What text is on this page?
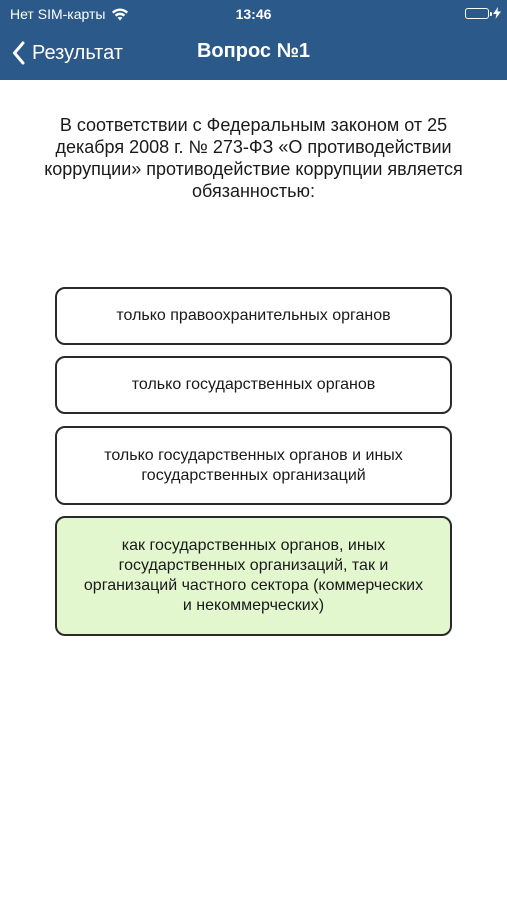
Нет SIM-карты	13:46
Результат	Вопрос №1
В соответствии с Федеральным законом от 25 декабря 2008 г. № 273-ФЗ «О противодействии коррупции» противодействие коррупции является обязанностью:
только правоохранительных органов
только государственных органов
только государственных органов и иных государственных организаций
как государственных органов, иных государственных организаций, так и организаций частного сектора (коммерческих и некоммерческих)
